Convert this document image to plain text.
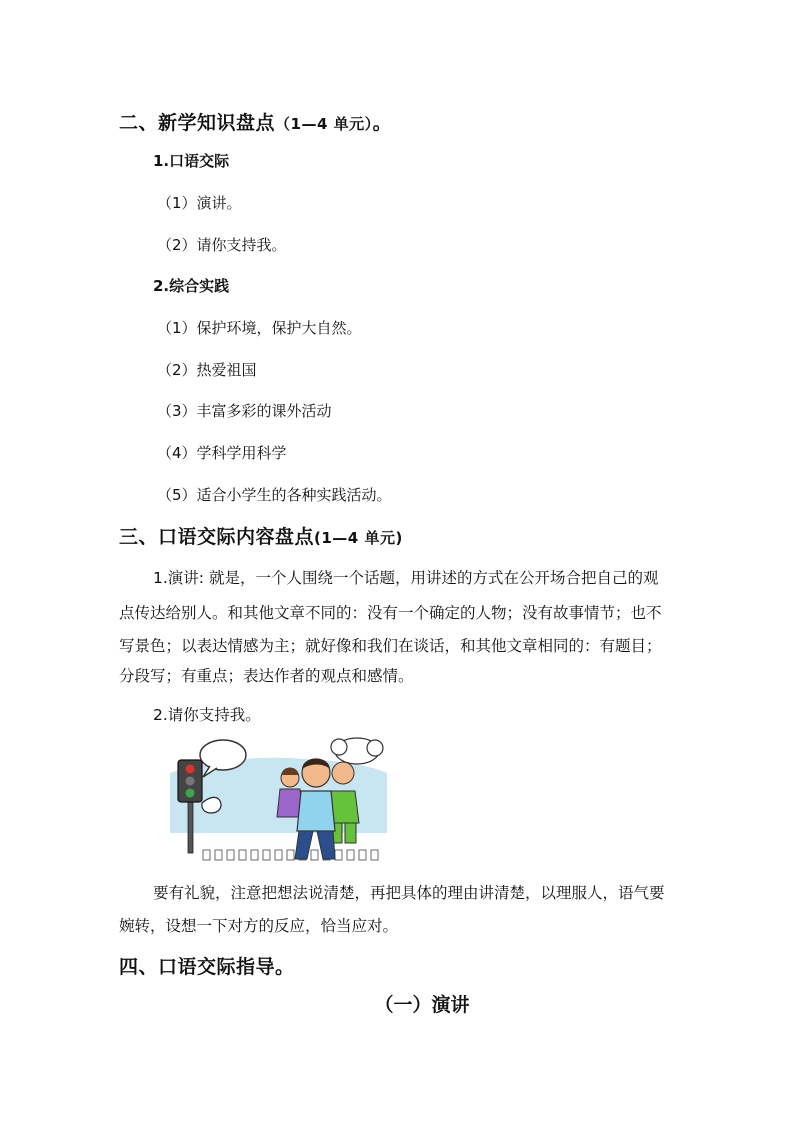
二、新学知识盘点（1—4 单元）。
1.口语交际
（1）演讲。
（2）请你支持我。
2.综合实践
（1）保护环境，保护大自然。
（2）热爱祖国
（3）丰富多彩的课外活动
（4）学科学用科学
（5）适合小学生的各种实践活动。
三、口语交际内容盘点(1—4 单元)
1.演讲: 就是，一个人围绕一个话题，用讲述的方式在公开场合把自己的观
点传达给别人。和其他文章不同的：没有一个确定的人物；没有故事情节；也不
写景色；以表达情感为主；就好像和我们在谈话，和其他文章相同的：有题目；
分段写；有重点；表达作者的观点和感情。
2.请你支持我。
要有礼貌，注意把想法说清楚，再把具体的理由讲清楚，以理服人，语气要
婉转，设想一下对方的反应，恰当应对。
四、口语交际指导。
（一）演讲
